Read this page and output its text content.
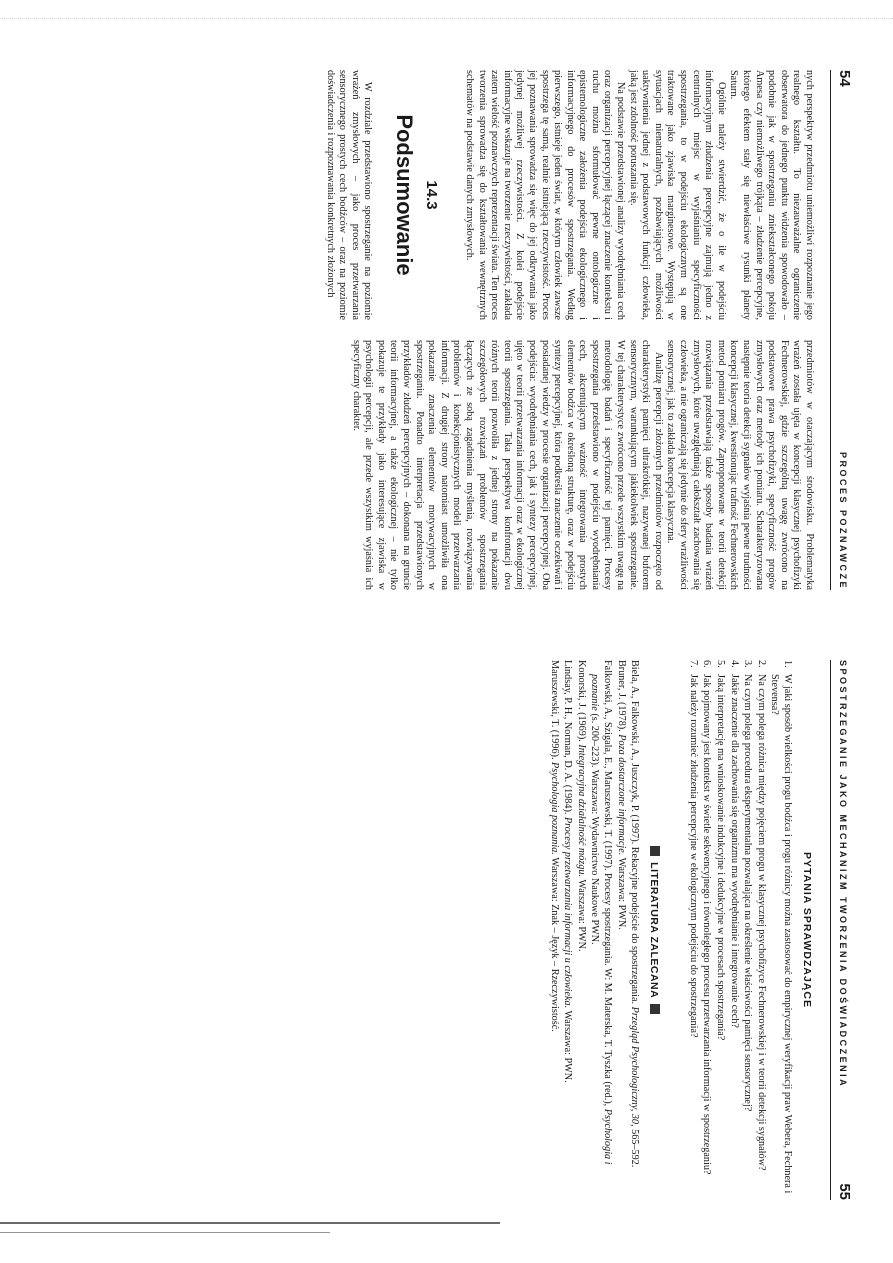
54
PROCES POZNAWCZE

nych perspektyw przedmiotu uniemożliwi rozpoznanie jego realnego kształtu. To niezauważalne ograniczenie obserwatora do jednego punktu widzenia spowodowało – podobnie jak w spostrzeganiu zniekształconego pokoju Amesa czy niemożliwego trójkąta – złudzenie percepcyjne, którego efektem stały się niewłaściwe rysunki planety Saturn.

Ogólnie należy stwierdzić, że o ile w podejściu informacyjnym złudzenia percepcyjne zajmują jedno z centralnych miejsc w wyjaśnianiu specyficzności spostrzegania, to w podejściu ekologicznym są one traktowane jako zjawiska marginesowe. Występują w sytuacjach nienaturalnych, pozbawiających możliwości uaktywnienia jednej z podstawowych funkcji człowieka, jaką jest zdolność poruszania się.

Na podstawie przedstawionej analizy wyodrębniania cech oraz organizacji percepcyjnej łączącej znaczenie kontekstu i ruchu można sformułować pewne ontologiczne i epistemologiczne założenia podejścia ekologicznego i informacyjnego do procesów spostrzegania. Według pierwszego, istnieje jeden świat, w którym człowiek zawsze spostrzega tę samą, realnie istniejącą rzeczywistość. Proces jej poznawania sprowadza się więc do jej odkrywania jako jedynej możliwej rzeczywistości. Z kolei podejście informacyjne wskazuje na tworzenie rzeczywistości, zakłada zatem wielość poznawczych reprezentacji świata. Ten proces tworzenia sprowadza się do kształtowania wewnętrznych schematów na podstawie danych zmysłowych.

14.3
Podsumowanie

W rozdziale przedstawiono spostrzeganie na poziomie wrażeń zmysłowych – jako proces przetwarzania sensorycznego prostych cech bodźców – oraz na poziomie doświadczenia i rozpoznawania konkretnych złożonych

przedmiotów w otaczającym środowisku. Problematyka wrażeń została ujęta w koncepcji klasycznej psychofizyki Fechnerowskiej, gdzie szczególną uwagę zwrócono na podstawowe prawa psychofizyki, specyficzność progów zmysłowych oraz metody ich pomiaru. Scharakteryzowana następnie teoria detekcji sygnałów wyjaśnia pewne trudności koncepcji klasycznej, kwestionując trafność Fechnerowskich metod pomiaru progów. Zaproponowane w teorii detekcji rozwiązania przedstawiają także sposoby badania wrażeń zmysłowych, które uwzględniają całokształt zachowania się człowieka, a nie ograniczają się jedynie do sfery wrażliwości sensorycznej, jak to zakłada koncepcja klasyczna.

Analizę percepcji złożonych przedmiotów rozpoczęto od charakterystyki pamięci ultrakrótkiej, nazywanej buforem sensorycznym, warunkującym jakiekolwiek spostrzeganie. W tej charakterystyce zwrócono przede wszystkim uwagę na metodologię badań i specyficzność tej pamięci. Procesy spostrzegania przedstawiono w podejściu wyodrębniania cech, akcentującym ważność integrowania prostych elementów bodźca w określoną strukturę, oraz w podejściu syntezy percepcyjnej, która podkreśla znaczenie oczekiwań i posiadanej wiedzy w procesie organizacji percepcyjnej. Oba podejścia: wyodrębniania cech, jak i syntezy percepcyjnej, ujęto w teorii przetwarzania informacji oraz w ekologicznej teorii spostrzegania. Taka perspektywa konfrontacji dwu różnych teorii pozwoliła z jednej strony na pokazanie szczegółowych rozwiązań problemów spostrzegania łączących ze sobą zagadnienia myślenia, rozwiązywania problemów i konekcjonistycznych modeli przetwarzania informacji. Z drugiej strony natomiast umożliwiła ona pokazanie znaczenia elementów motywacyjnych w spostrzeganiu. Ponadto interpretacja przedstawionych przykładów złudzeń percepcyjnych – dokonana na gruncie teorii informacyjnej, a także ekologicznej – nie tylko pokazuje te przykłady jako interesujące zjawiska w psychologii percepcji, ale przede wszystkim wyjaśnia ich specyficzny charakter.

SPOSTRZEGANIE JAKO MECHANIZM TWORZENIA DOŚWIADCZENIA
55
PYTANIA SPRAWDZAJĄCE
1.
W jaki sposób wielkości progu bodźca i progu różnicy można zastosować do empirycznej weryfikacji praw Webera, Fechnera i Stevensa?
2.
Na czym polega różnica między pojęciem progu w klasycznej psychofizyce Fechnerowskiej i w teorii detekcji sygnałów?
3.
Na czym polega procedura eksperymentalna pozwalająca na określenie właściwości pamięci sensorycznej?
4.
Jakie znaczenie dla zachowania się organizmu ma wyodrębnianie i integrowanie cech?
5.
Jaką interpretację ma wnioskowanie indukcyjne i dedukcyjne w procesach spostrzegania?
6.
Jak pojmowany jest kontekst w świetle sekwencyjnego i równoległego procesu przetwarzania informacji w spostrzeganiu?
7.
Jak należy rozumieć złudzenia percepcyjne w ekologicznym podejściu do spostrzegania?
LITERATURA ZALECANA

Biela, A., Falkowski, A., Juszczyk, P. (1997). Rekacyjne podejście do spostrzegania. Przegląd Psychologiczny, 30, 565–592.

Bruner, J. (1978). Poza dostarczone informacje. Warszawa: PWN.

Falkowski, A., Szigala, E., Maruszewski, T. (1997). Procesy spostrzegania. W: M. Materska, T. Tyszka (red.), Psychologia i poznanie (s. 200–223). Warszawa: Wydawnictwo Naukowe PWN.

Konorski, J. (1969). Integracyjna działalność mózgu. Warszawa: PWN.

Lindsay, P. H., Norman, D. A. (1984). Procesy przetwarzania informacji u człowieka. Warszawa: PWN.

Maruszewski, T. (1996). Psychologia poznania. Warszawa: Znak – Język – Rzeczywistość.
